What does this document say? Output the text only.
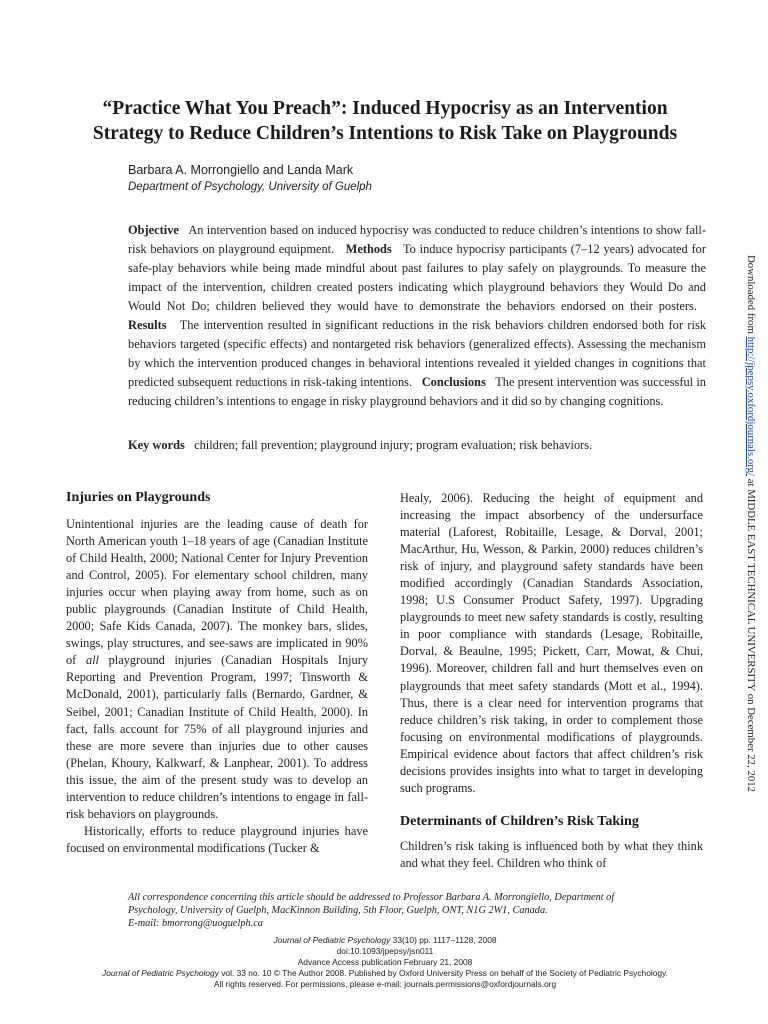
“Practice What You Preach”: Induced Hypocrisy as an Intervention
Strategy to Reduce Children’s Intentions to Risk Take on Playgrounds
Barbara A. Morrongiello and Landa Mark
Department of Psychology, University of Guelph
Objective An intervention based on induced hypocrisy was conducted to reduce children’s intentions to show fall-risk behaviors on playground equipment. Methods To induce hypocrisy participants (7–12 years) advocated for safe-play behaviors while being made mindful about past failures to play safely on playgrounds. To measure the impact of the intervention, children created posters indicating which playground behaviors they Would Do and Would Not Do; children believed they would have to demonstrate the behaviors endorsed on their posters.   Results The intervention resulted in significant reductions in the risk behaviors children endorsed both for risk behaviors targeted (specific effects) and nontargeted risk behaviors (generalized effects). Assessing the mechanism by which the intervention produced changes in behavioral intentions revealed it yielded changes in cognitions that predicted subsequent reductions in risk-taking intentions. Conclusions The present intervention was successful in reducing children’s intentions to engage in risky playground behaviors and it did so by changing cognitions.
Key words children; fall prevention; playground injury; program evaluation; risk behaviors.
Injuries on Playgrounds

Unintentional injuries are the leading cause of death for North American youth 1–18 years of age (Canadian Institute of Child Health, 2000; National Center for Injury Prevention and Control, 2005). For elementary school children, many injuries occur when playing away from home, such as on public playgrounds (Canadian Institute of Child Health, 2000; Safe Kids Canada, 2007). The monkey bars, slides, swings, play structures, and see-saws are implicated in 90% of all playground injuries (Canadian Hospitals Injury Reporting and Prevention Program, 1997; Tinsworth & McDonald, 2001), particularly falls (Bernardo, Gardner, & Seibel, 2001; Canadian Institute of Child Health, 2000). In fact, falls account for 75% of all playground injuries and these are more severe than injuries due to other causes (Phelan, Khoury, Kalkwarf, & Lanphear, 2001). To address this issue, the aim of the present study was to develop an intervention to reduce children’s intentions to engage in fall-risk behaviors on playgrounds.

Historically, efforts to reduce playground injuries have focused on environmental modifications (Tucker &

Healy, 2006). Reducing the height of equipment and increasing the impact absorbency of the undersurface material (Laforest, Robitaille, Lesage, & Dorval, 2001; MacArthur, Hu, Wesson, & Parkin, 2000) reduces children’s risk of injury, and playground safety standards have been modified accordingly (Canadian Standards Association, 1998; U.S Consumer Product Safety, 1997). Upgrading playgrounds to meet new safety standards is costly, resulting in poor compliance with standards (Lesage, Robitaille, Dorval, & Beaulne, 1995; Pickett, Carr, Mowat, & Chui, 1996). Moreover, children fall and hurt themselves even on playgrounds that meet safety standards (Mott et al., 1994). Thus, there is a clear need for intervention programs that reduce children’s risk taking, in order to complement those focusing on environmental modifications of playgrounds. Empirical evidence about factors that affect children’s risk decisions provides insights into what to target in developing such programs.

Determinants of Children’s Risk Taking

Children’s risk taking is influenced both by what they think and what they feel. Children who think of

All correspondence concerning this article should be addressed to Professor Barbara A. Morrongiello, Department of
Psychology, University of Guelph, MacKinnon Building, 5th Floor, Guelph, ONT, N1G 2W1, Canada.
E-mail: bmorrong@uoguelph.ca
Journal of Pediatric Psychology 33(10) pp. 1117–1128, 2008
doi:10.1093/jpepsy/jsn011
Advance Access publication February 21, 2008
Journal of Pediatric Psychology vol. 33 no. 10 © The Author 2008. Published by Oxford University Press on behalf of the Society of Pediatric Psychology.
All rights reserved. For permissions, please e-mail: journals.permissions@oxfordjournals.org
Downloaded from http://jpepsy.oxfordjournals.org/ at MIDDLE EAST TECHNICAL UNIVERSITY on December 22, 2012
